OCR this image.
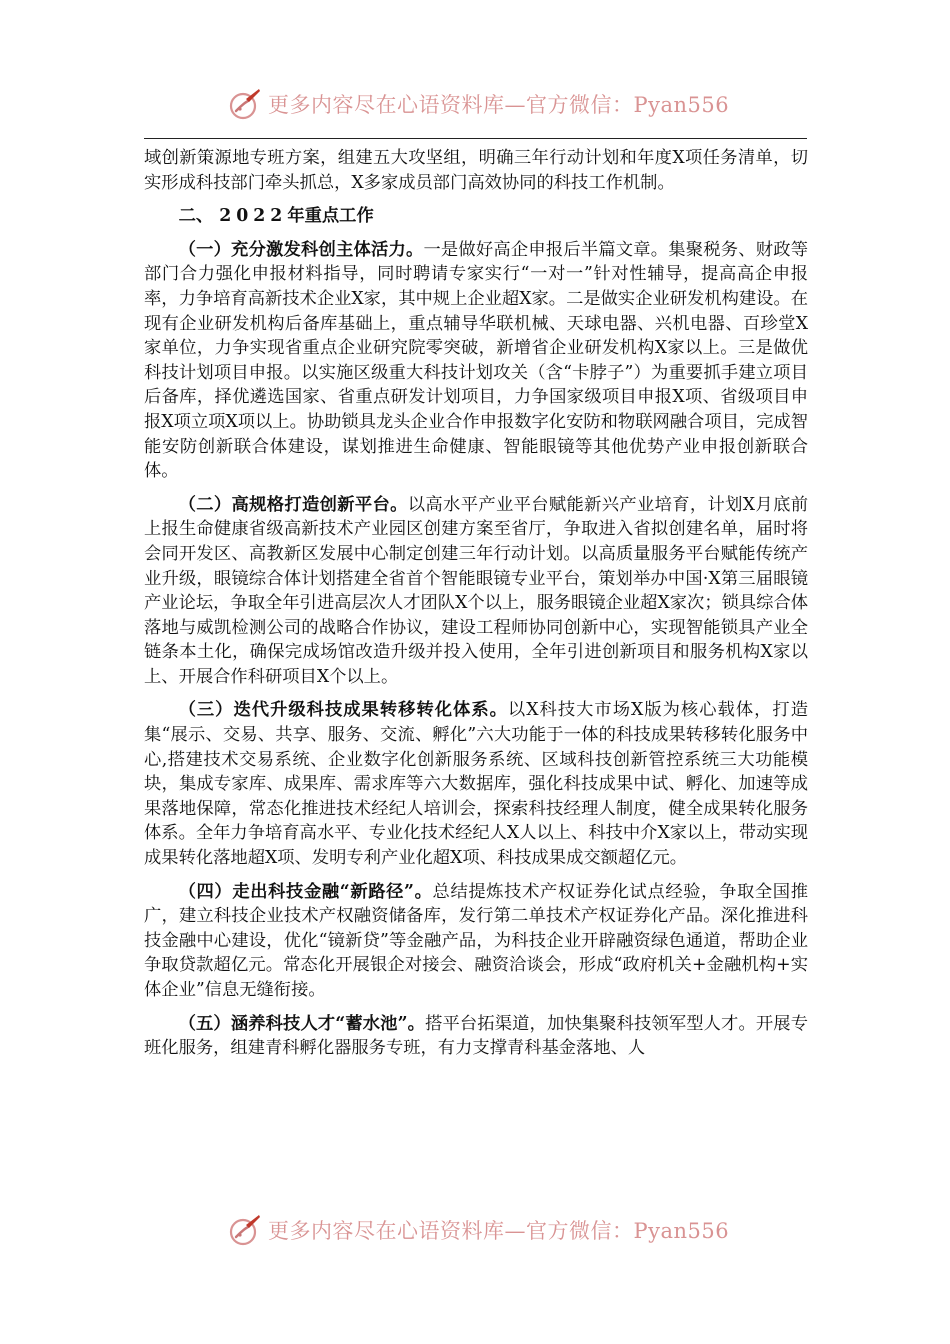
更多内容尽在心语资料库—官方微信：Pyan556

域创新策源地专班方案，组建五大攻坚组，明确三年行动计划和年度X项任务清单，切实形成科技部门牵头抓总，X多家成员部门高效协同的科技工作机制。

二、 2022年重点工作

（一）充分激发科创主体活力。一是做好高企申报后半篇文章。集聚税务、财政等部门合力强化申报材料指导，同时聘请专家实行“一对一”针对性辅导，提高高企申报率，力争培育高新技术企业X家，其中规上企业超X家。二是做实企业研发机构建设。在现有企业研发机构后备库基础上，重点辅导华联机械、天球电器、兴机电器、百珍堂X家单位，力争实现省重点企业研究院零突破，新增省企业研发机构X家以上。三是做优科技计划项目申报。以实施区级重大科技计划攻关（含“卡脖子”）为重要抓手建立项目后备库，择优遴选国家、省重点研发计划项目，力争国家级项目申报X项、省级项目申报X项立项X项以上。协助锁具龙头企业合作申报数字化安防和物联网融合项目，完成智能安防创新联合体建设，谋划推进生命健康、智能眼镜等其他优势产业申报创新联合体。

（二）高规格打造创新平台。以高水平产业平台赋能新兴产业培育，计划X月底前上报生命健康省级高新技术产业园区创建方案至省厅，争取进入省拟创建名单，届时将会同开发区、高教新区发展中心制定创建三年行动计划。以高质量服务平台赋能传统产业升级，眼镜综合体计划搭建全省首个智能眼镜专业平台，策划举办中国·X第三届眼镜产业论坛，争取全年引进高层次人才团队X个以上，服务眼镜企业超X家次；锁具综合体落地与威凯检测公司的战略合作协议，建设工程师协同创新中心，实现智能锁具产业全链条本土化，确保完成场馆改造升级并投入使用，全年引进创新项目和服务机构X家以上、开展合作科研项目X个以上。

（三）迭代升级科技成果转移转化体系。以X科技大市场X版为核心载体，打造集“展示、交易、共享、服务、交流、孵化”六大功能于一体的科技成果转移转化服务中心,搭建技术交易系统、企业数字化创新服务系统、区域科技创新管控系统三大功能模块，集成专家库、成果库、需求库等六大数据库，强化科技成果中试、孵化、加速等成果落地保障，常态化推进技术经纪人培训会，探索科技经理人制度，健全成果转化服务体系。全年力争培育高水平、专业化技术经纪人X人以上、科技中介X家以上，带动实现成果转化落地超X项、发明专利产业化超X项、科技成果成交额超亿元。

（四）走出科技金融“新路径”。总结提炼技术产权证券化试点经验，争取全国推广，建立科技企业技术产权融资储备库，发行第二单技术产权证券化产品。深化推进科技金融中心建设，优化“镜新贷”等金融产品，为科技企业开辟融资绿色通道，帮助企业争取贷款超亿元。常态化开展银企对接会、融资洽谈会，形成“政府机关+金融机构+实体企业”信息无缝衔接。

（五）涵养科技人才“蓄水池”。搭平台拓渠道，加快集聚科技领军型人才。开展专班化服务，组建青科孵化器服务专班，有力支撑青科基金落地、人

更多内容尽在心语资料库—官方微信：Pyan556
